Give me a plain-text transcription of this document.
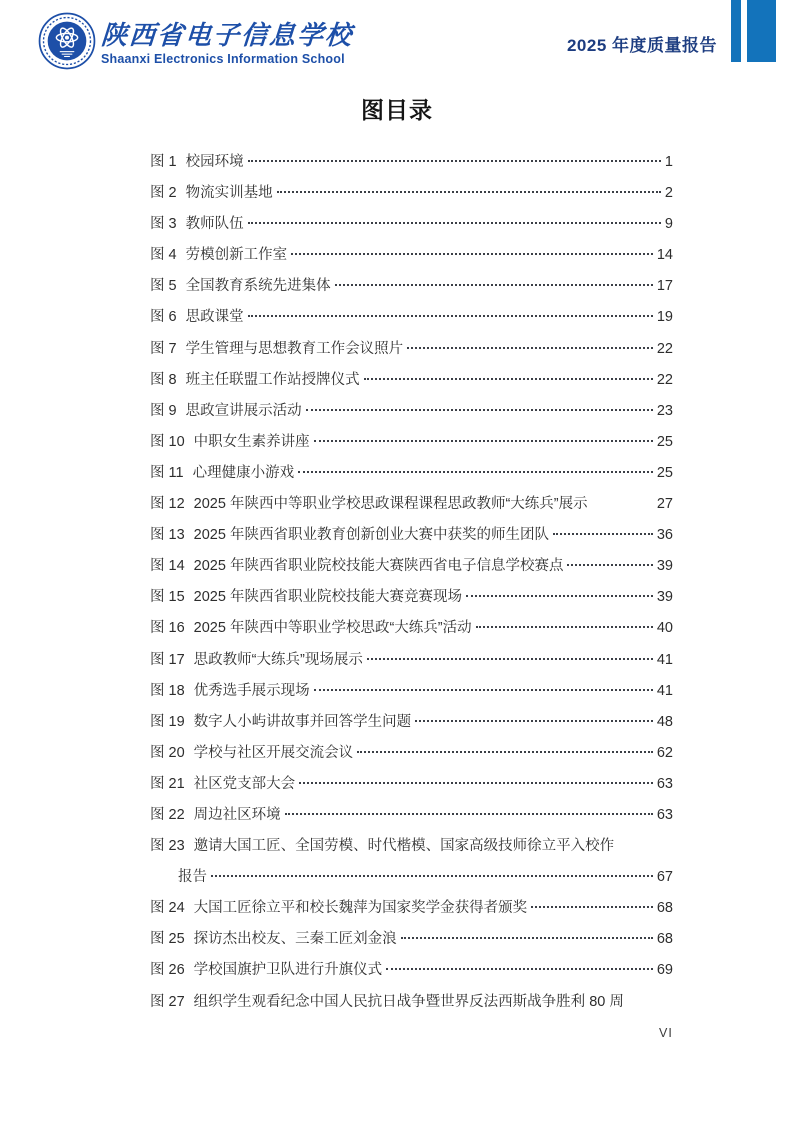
陕西省电子信息学校
Shaanxi Electronics Information School
2025 年度质量报告
图目录
图 1 校园环境	1
图 2 物流实训基地	2
图 3 教师队伍	9
图 4 劳模创新工作室	14
图 5 全国教育系统先进集体	17
图 6 思政课堂	19
图 7 学生管理与思想教育工作会议照片	22
图 8 班主任联盟工作站授牌仪式	22
图 9 思政宣讲展示活动	23
图 10 中职女生素养讲座	25
图 11 心理健康小游戏	25
图 12 2025 年陕西中等职业学校思政课程课程思政教师“大练兵”展示	27
图 13 2025 年陕西省职业教育创新创业大赛中获奖的师生团队	36
图 14 2025 年陕西省职业院校技能大赛陕西省电子信息学校赛点	39
图 15 2025 年陕西省职业院校技能大赛竞赛现场	39
图 16 2025 年陕西中等职业学校思政“大练兵”活动	40
图 17 思政教师“大练兵”现场展示	41
图 18 优秀选手展示现场	41
图 19 数字人小屿讲故事并回答学生问题	48
图 20 学校与社区开展交流会议	62
图 21 社区党支部大会	63
图 22 周边社区环境	63
图 23 邀请大国工匠、全国劳模、时代楷模、国家高级技师徐立平入校作
报告	67
图 24 大国工匠徐立平和校长魏萍为国家奖学金获得者颁奖	68
图 25 探访杰出校友、三秦工匠刘金浪	68
图 26 学校国旗护卫队进行升旗仪式	69
图 27 组织学生观看纪念中国人民抗日战争暨世界反法西斯战争胜利 80 周
VI
